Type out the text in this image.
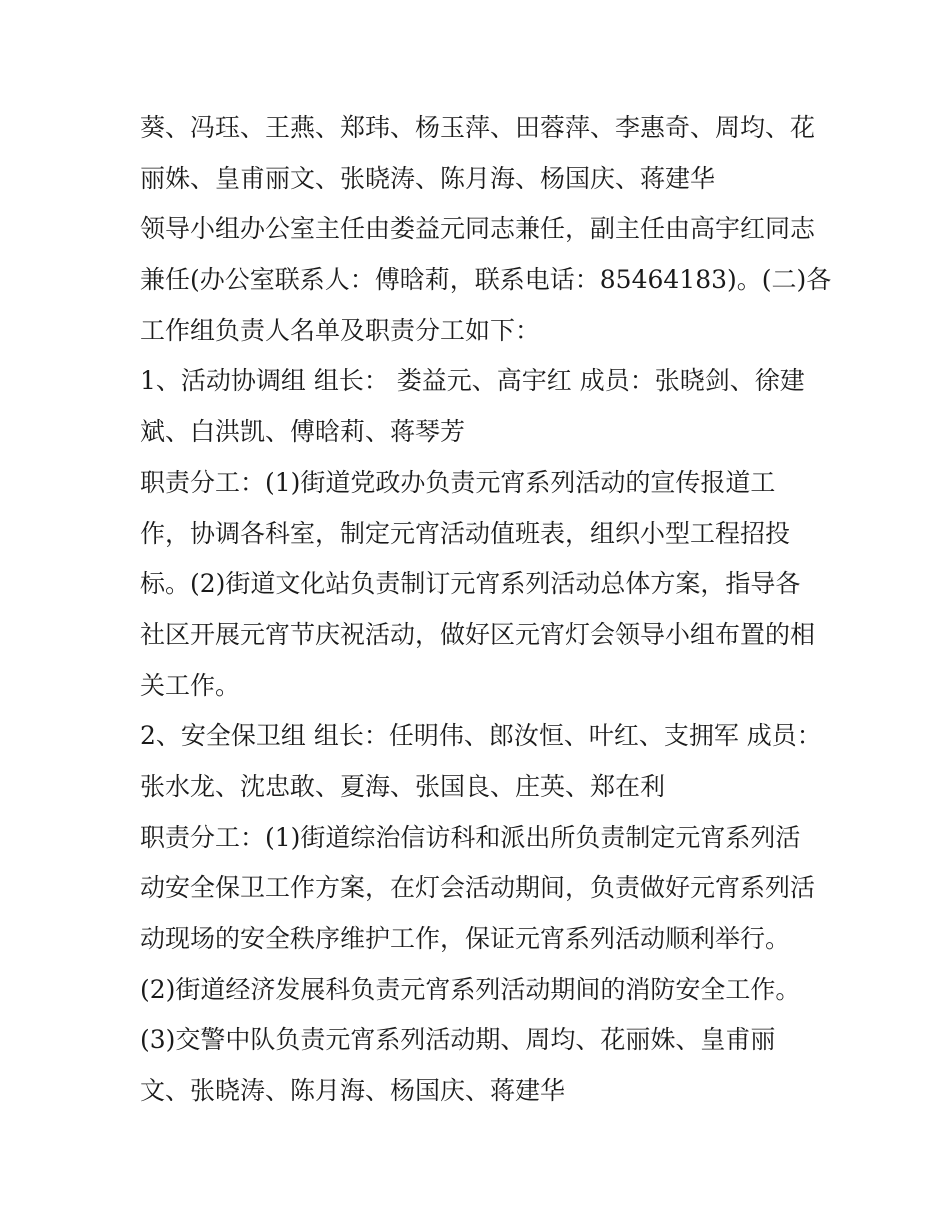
葵、冯珏、王燕、郑玮、杨玉萍、田蓉萍、李惠奇、周均、花
丽姝、皇甫丽文、张晓涛、陈月海、杨国庆、蒋建华
领导小组办公室主任由娄益元同志兼任，副主任由高宇红同志
兼任(办公室联系人：傅晗莉，联系电话：85464183)。(二)各
工作组负责人名单及职责分工如下：
1、活动协调组 组长： 娄益元、高宇红 成员：张晓剑、徐建
斌、白洪凯、傅晗莉、蒋琴芳
职责分工：(1)街道党政办负责元宵系列活动的宣传报道工
作，协调各科室，制定元宵活动值班表，组织小型工程招投
标。(2)街道文化站负责制订元宵系列活动总体方案，指导各
社区开展元宵节庆祝活动，做好区元宵灯会领导小组布置的相
关工作。
2、安全保卫组 组长：任明伟、郎汝恒、叶红、支拥军 成员：
张水龙、沈忠敢、夏海、张国良、庄英、郑在利
职责分工：(1)街道综治信访科和派出所负责制定元宵系列活
动安全保卫工作方案，在灯会活动期间，负责做好元宵系列活
动现场的安全秩序维护工作，保证元宵系列活动顺利举行。
(2)街道经济发展科负责元宵系列活动期间的消防安全工作。
(3)交警中队负责元宵系列活动期、周均、花丽姝、皇甫丽
文、张晓涛、陈月海、杨国庆、蒋建华
